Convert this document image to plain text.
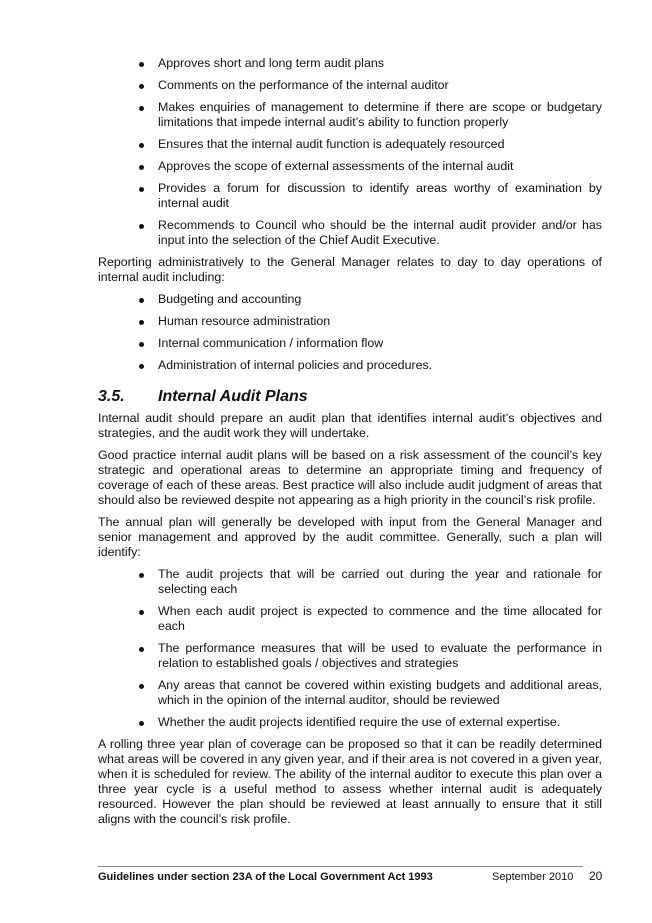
Approves short and long term audit plans
Comments on the performance of the internal auditor
Makes enquiries of management to determine if there are scope or budgetary limitations that impede internal audit’s ability to function properly
Ensures that the internal audit function is adequately resourced
Approves the scope of external assessments of the internal audit
Provides a forum for discussion to identify areas worthy of examination by internal audit
Recommends to Council who should be the internal audit provider and/or has input into the selection of the Chief Audit Executive.

Reporting administratively to the General Manager relates to day to day operations of internal audit including:

Budgeting and accounting
Human resource administration
Internal communication / information flow
Administration of internal policies and procedures.
3.5. Internal Audit Plans

Internal audit should prepare an audit plan that identifies internal audit’s objectives and strategies, and the audit work they will undertake.

Good practice internal audit plans will be based on a risk assessment of the council’s key strategic and operational areas to determine an appropriate timing and frequency of coverage of each of these areas. Best practice will also include audit judgment of areas that should also be reviewed despite not appearing as a high priority in the council’s risk profile.

The annual plan will generally be developed with input from the General Manager and senior management and approved by the audit committee. Generally, such a plan will identify:

The audit projects that will be carried out during the year and rationale for selecting each
When each audit project is expected to commence and the time allocated for each
The performance measures that will be used to evaluate the performance in relation to established goals / objectives and strategies
Any areas that cannot be covered within existing budgets and additional areas, which in the opinion of the internal auditor, should be reviewed
Whether the audit projects identified require the use of external expertise.

A rolling three year plan of coverage can be proposed so that it can be readily determined what areas will be covered in any given year, and if their area is not covered in a given year, when it is scheduled for review. The ability of the internal auditor to execute this plan over a three year cycle is a useful method to assess whether internal audit is adequately resourced. However the plan should be reviewed at least annually to ensure that it still aligns with the council’s risk profile.

Guidelines under section 23A of the Local Government Act 1993	September 2010 20
